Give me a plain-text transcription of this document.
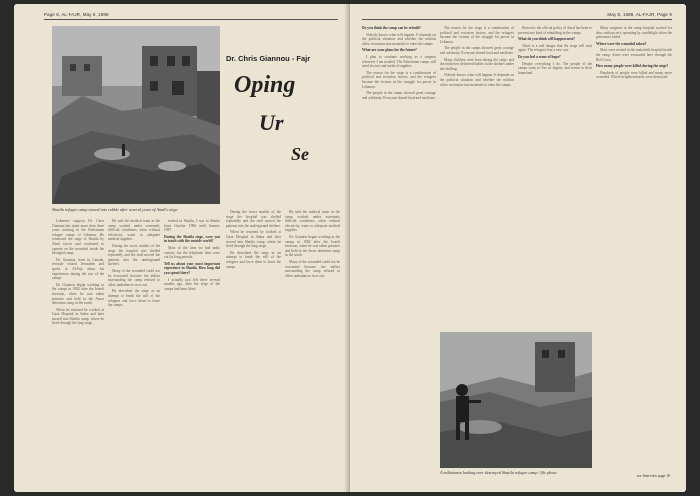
Page 8, AL-FAJR, May 8, 1988
Shatila refugee camp turned into rubble after several years of Amal's siege

Lebanese surgeon Dr. Chris Giannou has spent more than three years working in the Palestinian refugee camps of Lebanon. He witnessed the siege of Shatila by Amal forces and continued to operate on the wounded inside the besieged camp.

Dr. Giannou, born in Canada, recently visited Jerusalem and spoke to Al-Fajr about his experiences during the war of the camps.

Dr. Giannou began working in the camps in 1982 after the Israeli invasion, when he was taken prisoner and held in the Ansar detention camp in the south.

When he returned he worked at Gaza Hospital in Sabra and later moved into Shatila camp, where he lived through the long siege.

He said the medical team in the camp worked under extremely difficult conditions, often without electricity, water or adequate medical supplies.

During the worst months of the siege the hospital was shelled repeatedly and the staff moved the patients into the underground shelters.

Many of the wounded could not be evacuated because the militia surrounding the camp refused to allow ambulances in or out.

He described the siege as an attempt to break the will of the refugees and force them to leave the camps.

treated in Shatila, I was in Shatila from October 1986 until January 1987.

During the Shatila siege, were you in touch with the outside world?

Most of the time we had radio contact, but the telephone lines were cut for long periods.

Tell us about your most important experience in Shatila. How long did you spend there?

I actually just left there several months ago, after the siege of the camps had been lifted.

During the worst months of the siege the hospital was shelled repeatedly and the staff moved the patients into the underground shelters.

When he returned he worked at Gaza Hospital in Sabra and later moved into Shatila camp, where he lived through the long siege.

He described the siege as an attempt to break the will of the refugees and force them to leave the camps.

He said the medical team in the camp worked under extremely difficult conditions, often without electricity, water or adequate medical supplies.

Dr. Giannou began working in the camps in 1982 after the Israeli invasion, when he was taken prisoner and held in the Ansar detention camp in the south.

Many of the wounded could not be evacuated because the militia surrounding the camp refused to allow ambulances in or out.

Dr. Chris Giannou - Fajr
Oping
Ur
Se
May 8, 1988, AL-FAJR, Page 9

Do you think the camp can be rebuilt?

Nobody knows what will happen. It depends on the political situation and whether the militias allow reconstruction materials to enter the camps.

What are your plans for the future?

I plan to continue working as a surgeon wherever I am needed. The Palestinian camps still need doctors and medical supplies.

The reason for the siege is a combination of political and sectarian factors, and the refugees became the victims of the struggle for power in Lebanon.

The people in the camps showed great courage and solidarity. Everyone shared food and medicine.

The reason for the siege is a combination of political and sectarian factors, and the refugees became the victims of the struggle for power in Lebanon.

The people in the camps showed great courage and solidarity. Everyone shared food and medicine.

Many children were born during the siege, and the midwives delivered babies in the shelters under the shelling.

Nobody knows what will happen. It depends on the political situation and whether the militias allow reconstruction materials to enter the camps.

However, the official policy of Amal has been to prevent any kind of rebuilding in the camps.

What do you think will happen next?

There is a real danger that the siege will start again. The refugees fear a new war.

Do you feel a sense of hope?

Despite everything I do. The people of the camps want to live in dignity and return to their homeland.

Many surgeons in the camp hospital worked for days without rest, operating by candlelight when the generators failed.

Where were the wounded taken?

Most were treated in the makeshift hospital inside the camp. Some were evacuated later through the Red Cross.

How many people were killed during the siege?

Hundreds of people were killed and many more wounded. Whole neighbourhoods were destroyed.

A militiaman looking over destroyed Shatila refugee camp / file photo
see Interview page 10
